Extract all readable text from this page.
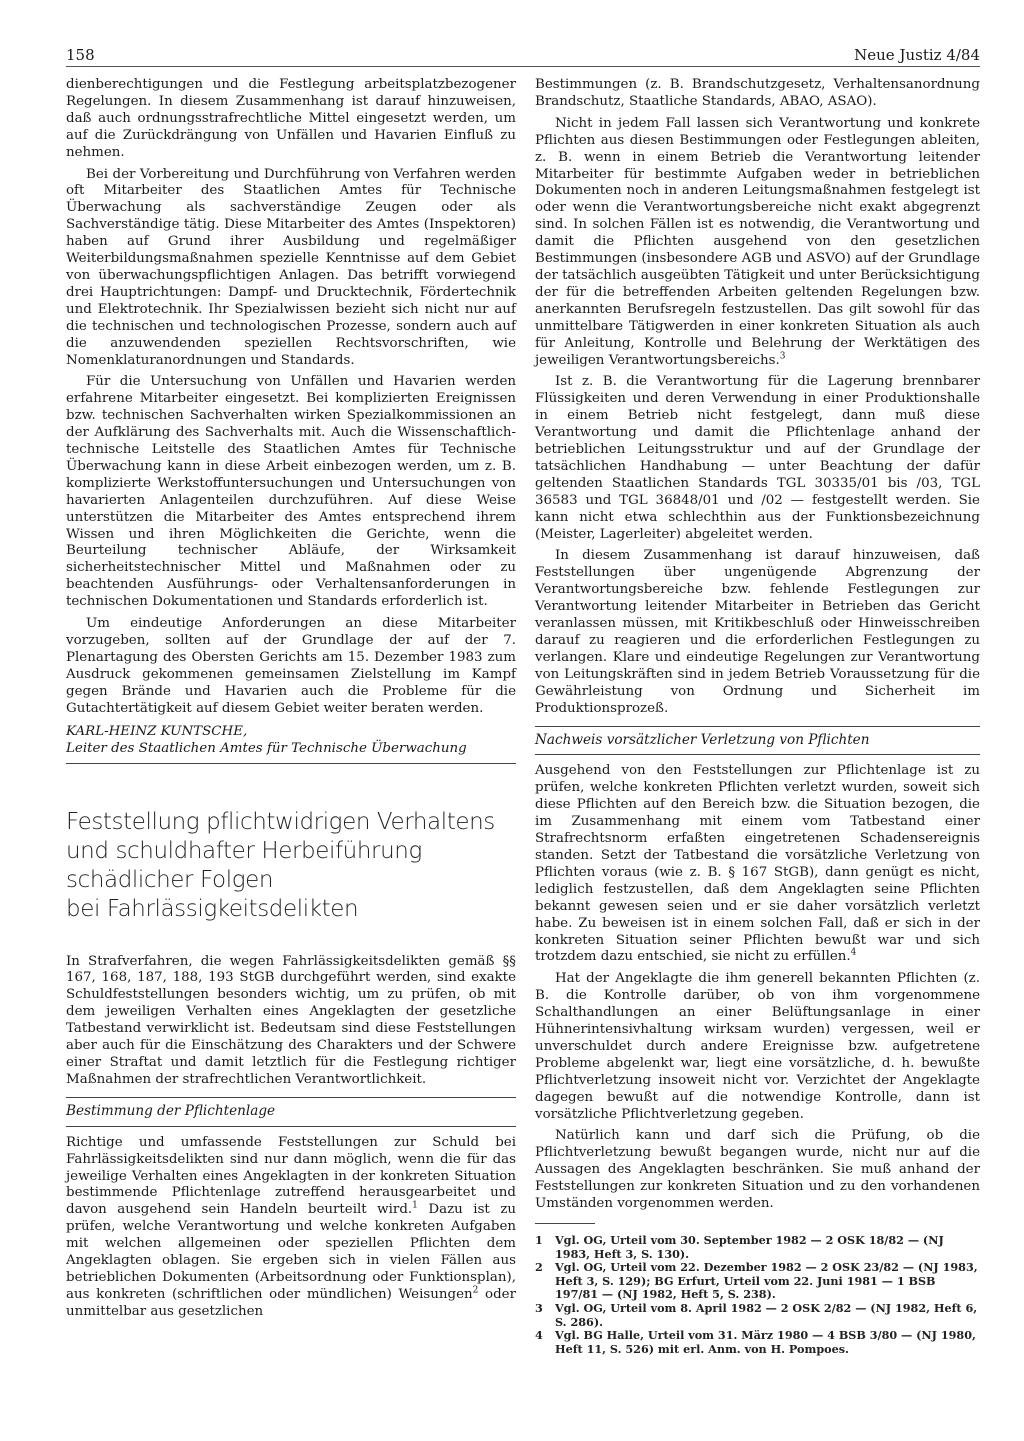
158	Neue Justiz 4/84

dienberechtigungen und die Festlegung arbeitsplatzbezogener Regelungen. In diesem Zusammenhang ist darauf hinzuweisen, daß auch ordnungsstrafrechtliche Mittel eingesetzt werden, um auf die Zurückdrängung von Unfällen und Havarien Einfluß zu nehmen.

Bei der Vorbereitung und Durchführung von Verfahren werden oft Mitarbeiter des Staatlichen Amtes für Technische Überwachung als sachverständige Zeugen oder als Sachverständige tätig. Diese Mitarbeiter des Amtes (Inspektoren) haben auf Grund ihrer Ausbildung und regelmäßiger Weiterbildungsmaßnahmen spezielle Kenntnisse auf dem Gebiet von überwachungspflichtigen Anlagen. Das betrifft vorwiegend drei Hauptrichtungen: Dampf- und Drucktechnik, Fördertechnik und Elektrotechnik. Ihr Spezialwissen bezieht sich nicht nur auf die technischen und technologischen Prozesse, sondern auch auf die anzuwendenden speziellen Rechtsvorschriften, wie Nomenklaturanordnungen und Standards.

Für die Untersuchung von Unfällen und Havarien werden erfahrene Mitarbeiter eingesetzt. Bei komplizierten Ereignissen bzw. technischen Sachverhalten wirken Spezialkommissionen an der Aufklärung des Sachverhalts mit. Auch die Wissenschaftlich-technische Leitstelle des Staatlichen Amtes für Technische Überwachung kann in diese Arbeit einbezogen werden, um z. B. komplizierte Werkstoffuntersuchungen und Untersuchungen von havarierten Anlagenteilen durchzuführen. Auf diese Weise unterstützen die Mitarbeiter des Amtes entsprechend ihrem Wissen und ihren Möglichkeiten die Gerichte, wenn die Beurteilung technischer Abläufe, der Wirksamkeit sicherheitstechnischer Mittel und Maßnahmen oder zu beachtenden Ausführungs- oder Verhaltensanforderungen in technischen Dokumentationen und Standards erforderlich ist.

Um eindeutige Anforderungen an diese Mitarbeiter vorzugeben, sollten auf der Grundlage der auf der 7. Plenartagung des Obersten Gerichts am 15. Dezember 1983 zum Ausdruck gekommenen gemeinsamen Zielstellung im Kampf gegen Brände und Havarien auch die Probleme für die Gutachtertätigkeit auf diesem Gebiet weiter beraten werden.

KARL-HEINZ KUNTSCHE,
Leiter des Staatlichen Amtes für Technische Überwachung
Feststellung pflichtwidrigen Verhaltens
und schuldhafter Herbeiführung
schädlicher Folgen
bei Fahrlässigkeitsdelikten

In Strafverfahren, die wegen Fahrlässigkeitsdelikten gemäß §§ 167, 168, 187, 188, 193 StGB durchgeführt werden, sind exakte Schuldfeststellungen besonders wichtig, um zu prüfen, ob mit dem jeweiligen Verhalten eines Angeklagten der gesetzliche Tatbestand verwirklicht ist. Bedeutsam sind diese Feststellungen aber auch für die Einschätzung des Charakters und der Schwere einer Straftat und damit letztlich für die Festlegung richtiger Maßnahmen der strafrechtlichen Verantwortlichkeit.

Bestimmung der Pflichtenlage

Richtige und umfassende Feststellungen zur Schuld bei Fahrlässigkeitsdelikten sind nur dann möglich, wenn die für das jeweilige Verhalten eines Angeklagten in der konkreten Situation bestimmende Pflichtenlage zutreffend herausgearbeitet und davon ausgehend sein Handeln beurteilt wird.$^1$ Dazu ist zu prüfen, welche Verantwortung und welche konkreten Aufgaben mit welchen allgemeinen oder speziellen Pflichten dem Angeklagten oblagen. Sie ergeben sich in vielen Fällen aus betrieblichen Dokumenten (Arbeitsordnung oder Funktionsplan), aus konkreten (schriftlichen oder mündlichen) Weisungen$^2$ oder unmittelbar aus gesetzlichen

Bestimmungen (z. B. Brandschutzgesetz, Verhaltensanordnung Brandschutz, Staatliche Standards, ABAO, ASAO).

Nicht in jedem Fall lassen sich Verantwortung und konkrete Pflichten aus diesen Bestimmungen oder Festlegungen ableiten, z. B. wenn in einem Betrieb die Verantwortung leitender Mitarbeiter für bestimmte Aufgaben weder in betrieblichen Dokumenten noch in anderen Leitungsmaßnahmen festgelegt ist oder wenn die Verantwortungsbereiche nicht exakt abgegrenzt sind. In solchen Fällen ist es notwendig, die Verantwortung und damit die Pflichten ausgehend von den gesetzlichen Bestimmungen (insbesondere AGB und ASVO) auf der Grundlage der tatsächlich ausgeübten Tätigkeit und unter Berücksichtigung der für die betreffenden Arbeiten geltenden Regelungen bzw. anerkannten Berufsregeln festzustellen. Das gilt sowohl für das unmittelbare Tätigwerden in einer konkreten Situation als auch für Anleitung, Kontrolle und Belehrung der Werktätigen des jeweiligen Verantwortungsbereichs.$^3$

Ist z. B. die Verantwortung für die Lagerung brennbarer Flüssigkeiten und deren Verwendung in einer Produktionshalle in einem Betrieb nicht festgelegt, dann muß diese Verantwortung und damit die Pflichtenlage anhand der betrieblichen Leitungsstruktur und auf der Grundlage der tatsächlichen Handhabung — unter Beachtung der dafür geltenden Staatlichen Standards TGL 30335/01 bis /03, TGL 36583 und TGL 36848/01 und /02 — festgestellt werden. Sie kann nicht etwa schlechthin aus der Funktionsbezeichnung (Meister, Lagerleiter) abgeleitet werden.

In diesem Zusammenhang ist darauf hinzuweisen, daß Feststellungen über ungenügende Abgrenzung der Verantwortungsbereiche bzw. fehlende Festlegungen zur Verantwortung leitender Mitarbeiter in Betrieben das Gericht veranlassen müssen, mit Kritikbeschluß oder Hinweisschreiben darauf zu reagieren und die erforderlichen Festlegungen zu verlangen. Klare und eindeutige Regelungen zur Verantwortung von Leitungskräften sind in jedem Betrieb Voraussetzung für die Gewährleistung von Ordnung und Sicherheit im Produktionsprozeß.

Nachweis vorsätzlicher Verletzung von Pflichten

Ausgehend von den Feststellungen zur Pflichtenlage ist zu prüfen, welche konkreten Pflichten verletzt wurden, soweit sich diese Pflichten auf den Bereich bzw. die Situation bezogen, die im Zusammenhang mit einem vom Tatbestand einer Strafrechtsnorm erfaßten eingetretenen Schadensereignis standen. Setzt der Tatbestand die vorsätzliche Verletzung von Pflichten voraus (wie z. B. § 167 StGB), dann genügt es nicht, lediglich festzustellen, daß dem Angeklagten seine Pflichten bekannt gewesen seien und er sie daher vorsätzlich verletzt habe. Zu beweisen ist in einem solchen Fall, daß er sich in der konkreten Situation seiner Pflichten bewußt war und sich trotzdem dazu entschied, sie nicht zu erfüllen.$^4$

Hat der Angeklagte die ihm generell bekannten Pflichten (z. B. die Kontrolle darüber, ob von ihm vorgenommene Schalthandlungen an einer Belüftungsanlage in einer Hühnerintensivhaltung wirksam wurden) vergessen, weil er unverschuldet durch andere Ereignisse bzw. aufgetretene Probleme abgelenkt war, liegt eine vorsätzliche, d. h. bewußte Pflichtverletzung insoweit nicht vor. Verzichtet der Angeklagte dagegen bewußt auf die notwendige Kontrolle, dann ist vorsätzliche Pflichtverletzung gegeben.

Natürlich kann und darf sich die Prüfung, ob die Pflichtverletzung bewußt begangen wurde, nicht nur auf die Aussagen des Angeklagten beschränken. Sie muß anhand der Feststellungen zur konkreten Situation und zu den vorhandenen Umständen vorgenommen werden.

1	Vgl. OG, Urteil vom 30. September 1982 — 2 OSK 18/82 — (NJ 1983, Heft 3, S. 130).
2	Vgl. OG, Urteil vom 22. Dezember 1982 — 2 OSK 23/82 — (NJ 1983, Heft 3, S. 129); BG Erfurt, Urteil vom 22. Juni 1981 — 1 BSB 197/81 — (NJ 1982, Heft 5, S. 238).
3	Vgl. OG, Urteil vom 8. April 1982 — 2 OSK 2/82 — (NJ 1982, Heft 6, S. 286).
4	Vgl. BG Halle, Urteil vom 31. März 1980 — 4 BSB 3/80 — (NJ 1980, Heft 11, S. 526) mit erl. Anm. von H. Pompoes.
